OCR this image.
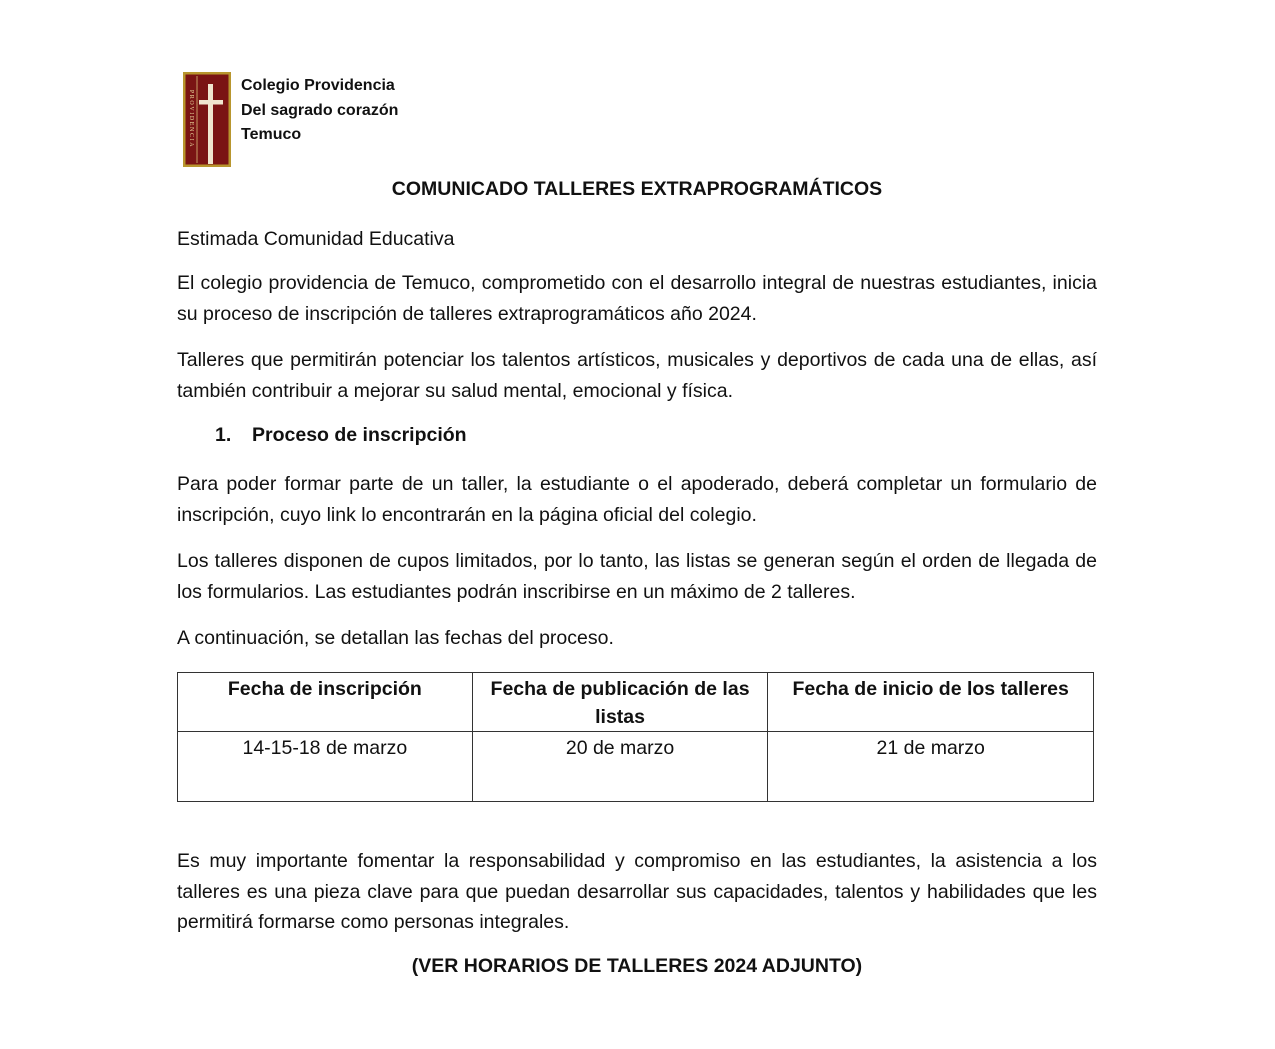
PROVIDENCIA
Colegio Providencia
Del sagrado corazón
Temuco
COMUNICADO TALLERES EXTRAPROGRAMÁTICOS
Estimada Comunidad Educativa
El colegio providencia de Temuco, comprometido con el desarrollo integral de nuestras estudiantes, inicia su proceso de inscripción de talleres extraprogramáticos año 2024.
Talleres que permitirán potenciar los talentos artísticos, musicales y deportivos de cada una de ellas, así también contribuir a mejorar su salud mental, emocional y física.
1. Proceso de inscripción
Para poder formar parte de un taller, la estudiante o el apoderado, deberá completar un formulario de inscripción, cuyo link lo encontrarán en la página oficial del colegio.
Los talleres disponen de cupos limitados, por lo tanto, las listas se generan según el orden de llegada de los formularios. Las estudiantes podrán inscribirse en un máximo de 2 talleres.
A continuación, se detallan las fechas del proceso.
Fecha de inscripción	Fecha de publicación de las listas	Fecha de inicio de los talleres
14-15-18 de marzo	20 de marzo	21 de marzo
Es muy importante fomentar la responsabilidad y compromiso en las estudiantes, la asistencia a los talleres es una pieza clave para que puedan desarrollar sus capacidades, talentos y habilidades que les permitirá formarse como personas integrales.
(VER HORARIOS DE TALLERES 2024 ADJUNTO)
